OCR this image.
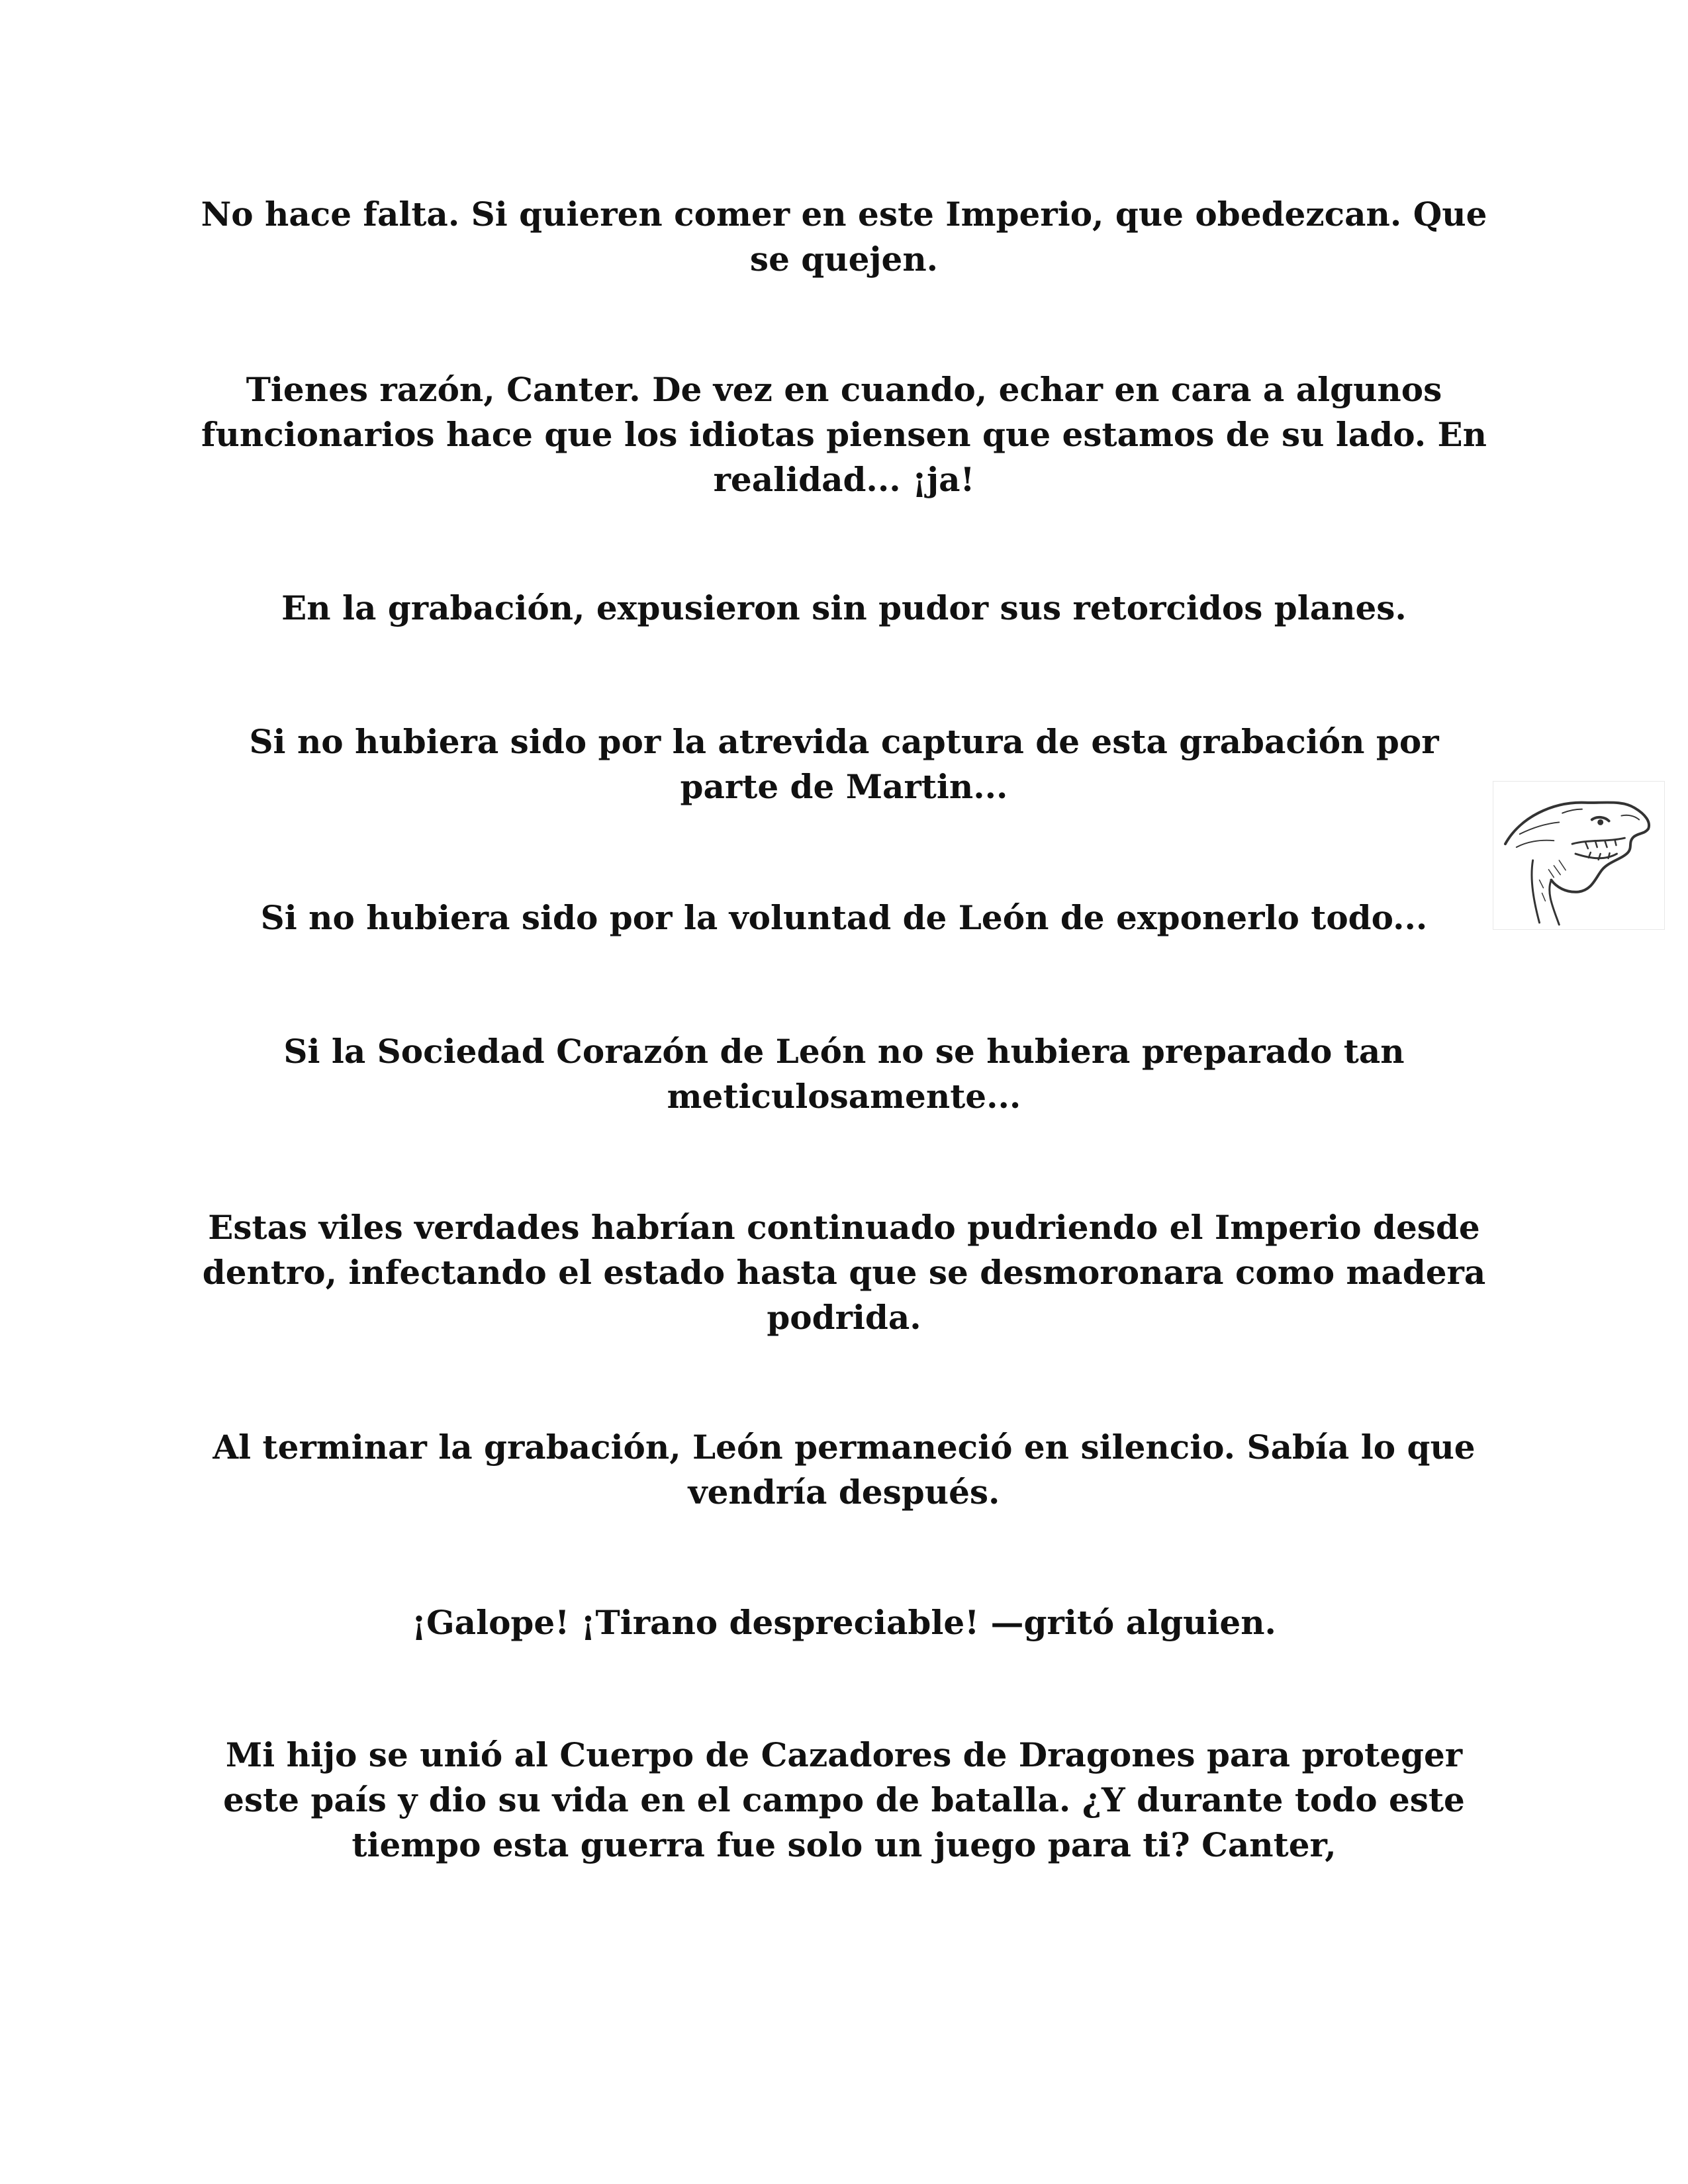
No hace falta. Si quieren comer en este Imperio, que obedezcan. Que se quejen.

Tienes razón, Canter. De vez en cuando, echar en cara a algunos funcionarios hace que los idiotas piensen que estamos de su lado. En realidad... ¡ja!

En la grabación, expusieron sin pudor sus retorcidos planes.

Si no hubiera sido por la atrevida captura de esta grabación por parte de Martin...

Si no hubiera sido por la voluntad de León de exponerlo todo...

Si la Sociedad Corazón de León no se hubiera preparado tan meticulosamente...

Estas viles verdades habrían continuado pudriendo el Imperio desde dentro, infectando el estado hasta que se desmoronara como madera podrida.

Al terminar la grabación, León permaneció en silencio. Sabía lo que vendría después.

¡Galope! ¡Tirano despreciable! —gritó alguien.

Mi hijo se unió al Cuerpo de Cazadores de Dragones para proteger este país y dio su vida en el campo de batalla. ¿Y durante todo este tiempo esta guerra fue solo un juego para ti? Canter,
